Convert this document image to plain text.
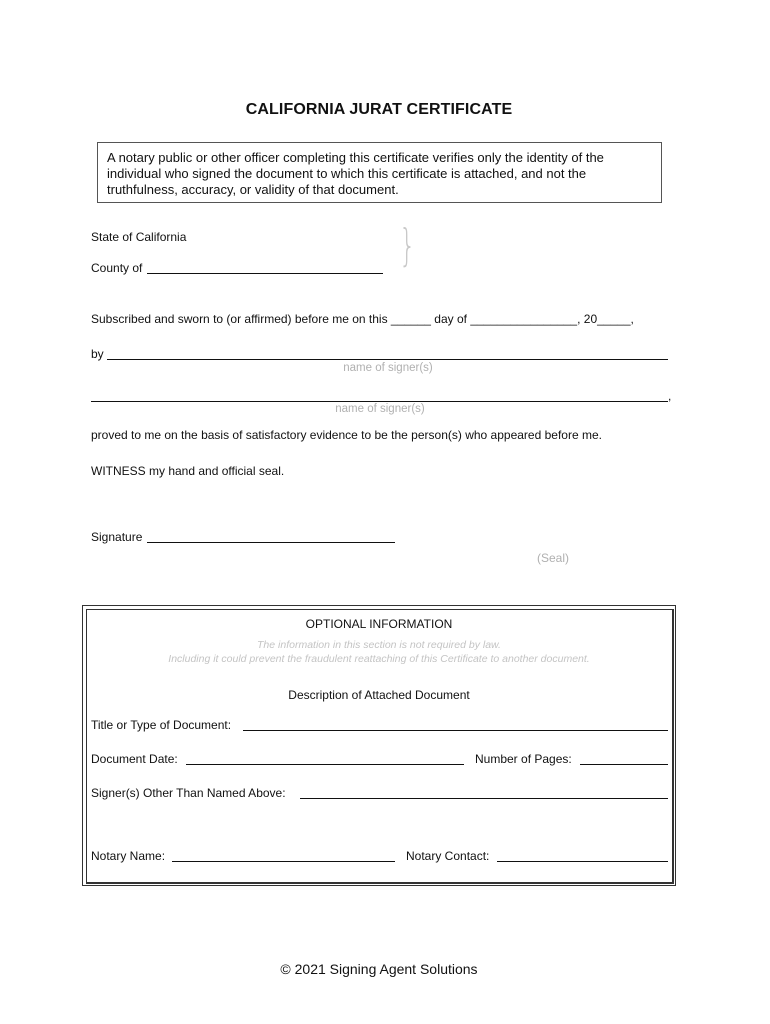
CALIFORNIA JURAT CERTIFICATE
A notary public or other officer completing this certificate verifies only the identity of the
individual who signed the document to which this certificate is attached, and not the
truthfulness, accuracy, or validity of that document.
State of California
County of	}
Subscribed and sworn to (or affirmed) before me on this ______ day of ________________, 20_____,
by
name of signer(s)
,
name of signer(s)
proved to me on the basis of satisfactory evidence to be the person(s) who appeared before me.
WITNESS my hand and official seal.
Signature
(Seal)
OPTIONAL INFORMATION
The information in this section is not required by law.
Including it could prevent the fraudulent reattaching of this Certificate to another document.
Description of Attached Document
Title or Type of Document:
Document Date:	Number of Pages:
Signer(s) Other Than Named Above:
Notary Name:	Notary Contact:
© 2021 Signing Agent Solutions
